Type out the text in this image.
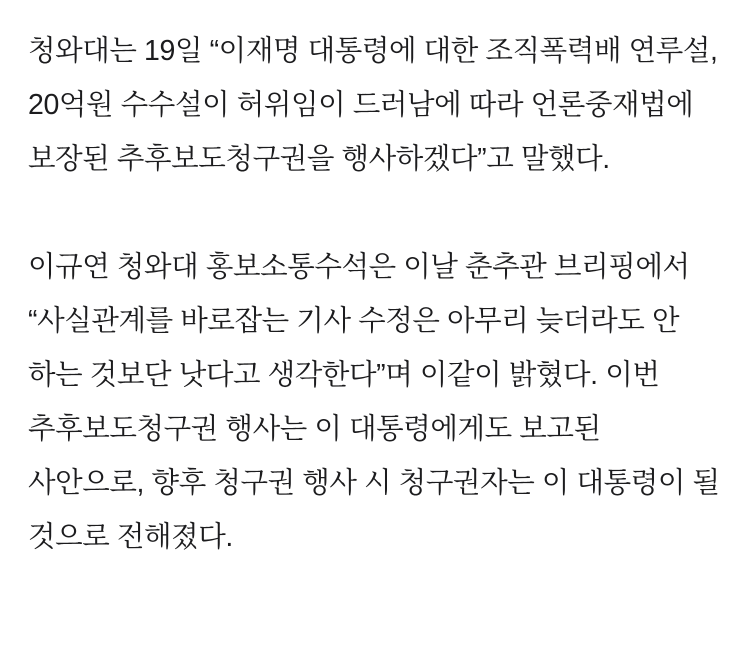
청와대는 19일 “이재명 대통령에 대한 조직폭력배 연루설, 20억원 수수설이 허위임이 드러남에 따라 언론중재법에 보장된 추후보도청구권을 행사하겠다”고 말했다.

이규연 청와대 홍보소통수석은 이날 춘추관 브리핑에서 “사실관계를 바로잡는 기사 수정은 아무리 늦더라도 안 하는 것보단 낫다고 생각한다”며 이같이 밝혔다. 이번 추후보도청구권 행사는 이 대통령에게도 보고된 사안으로, 향후 청구권 행사 시 청구권자는 이 대통령이 될 것으로 전해졌다.
